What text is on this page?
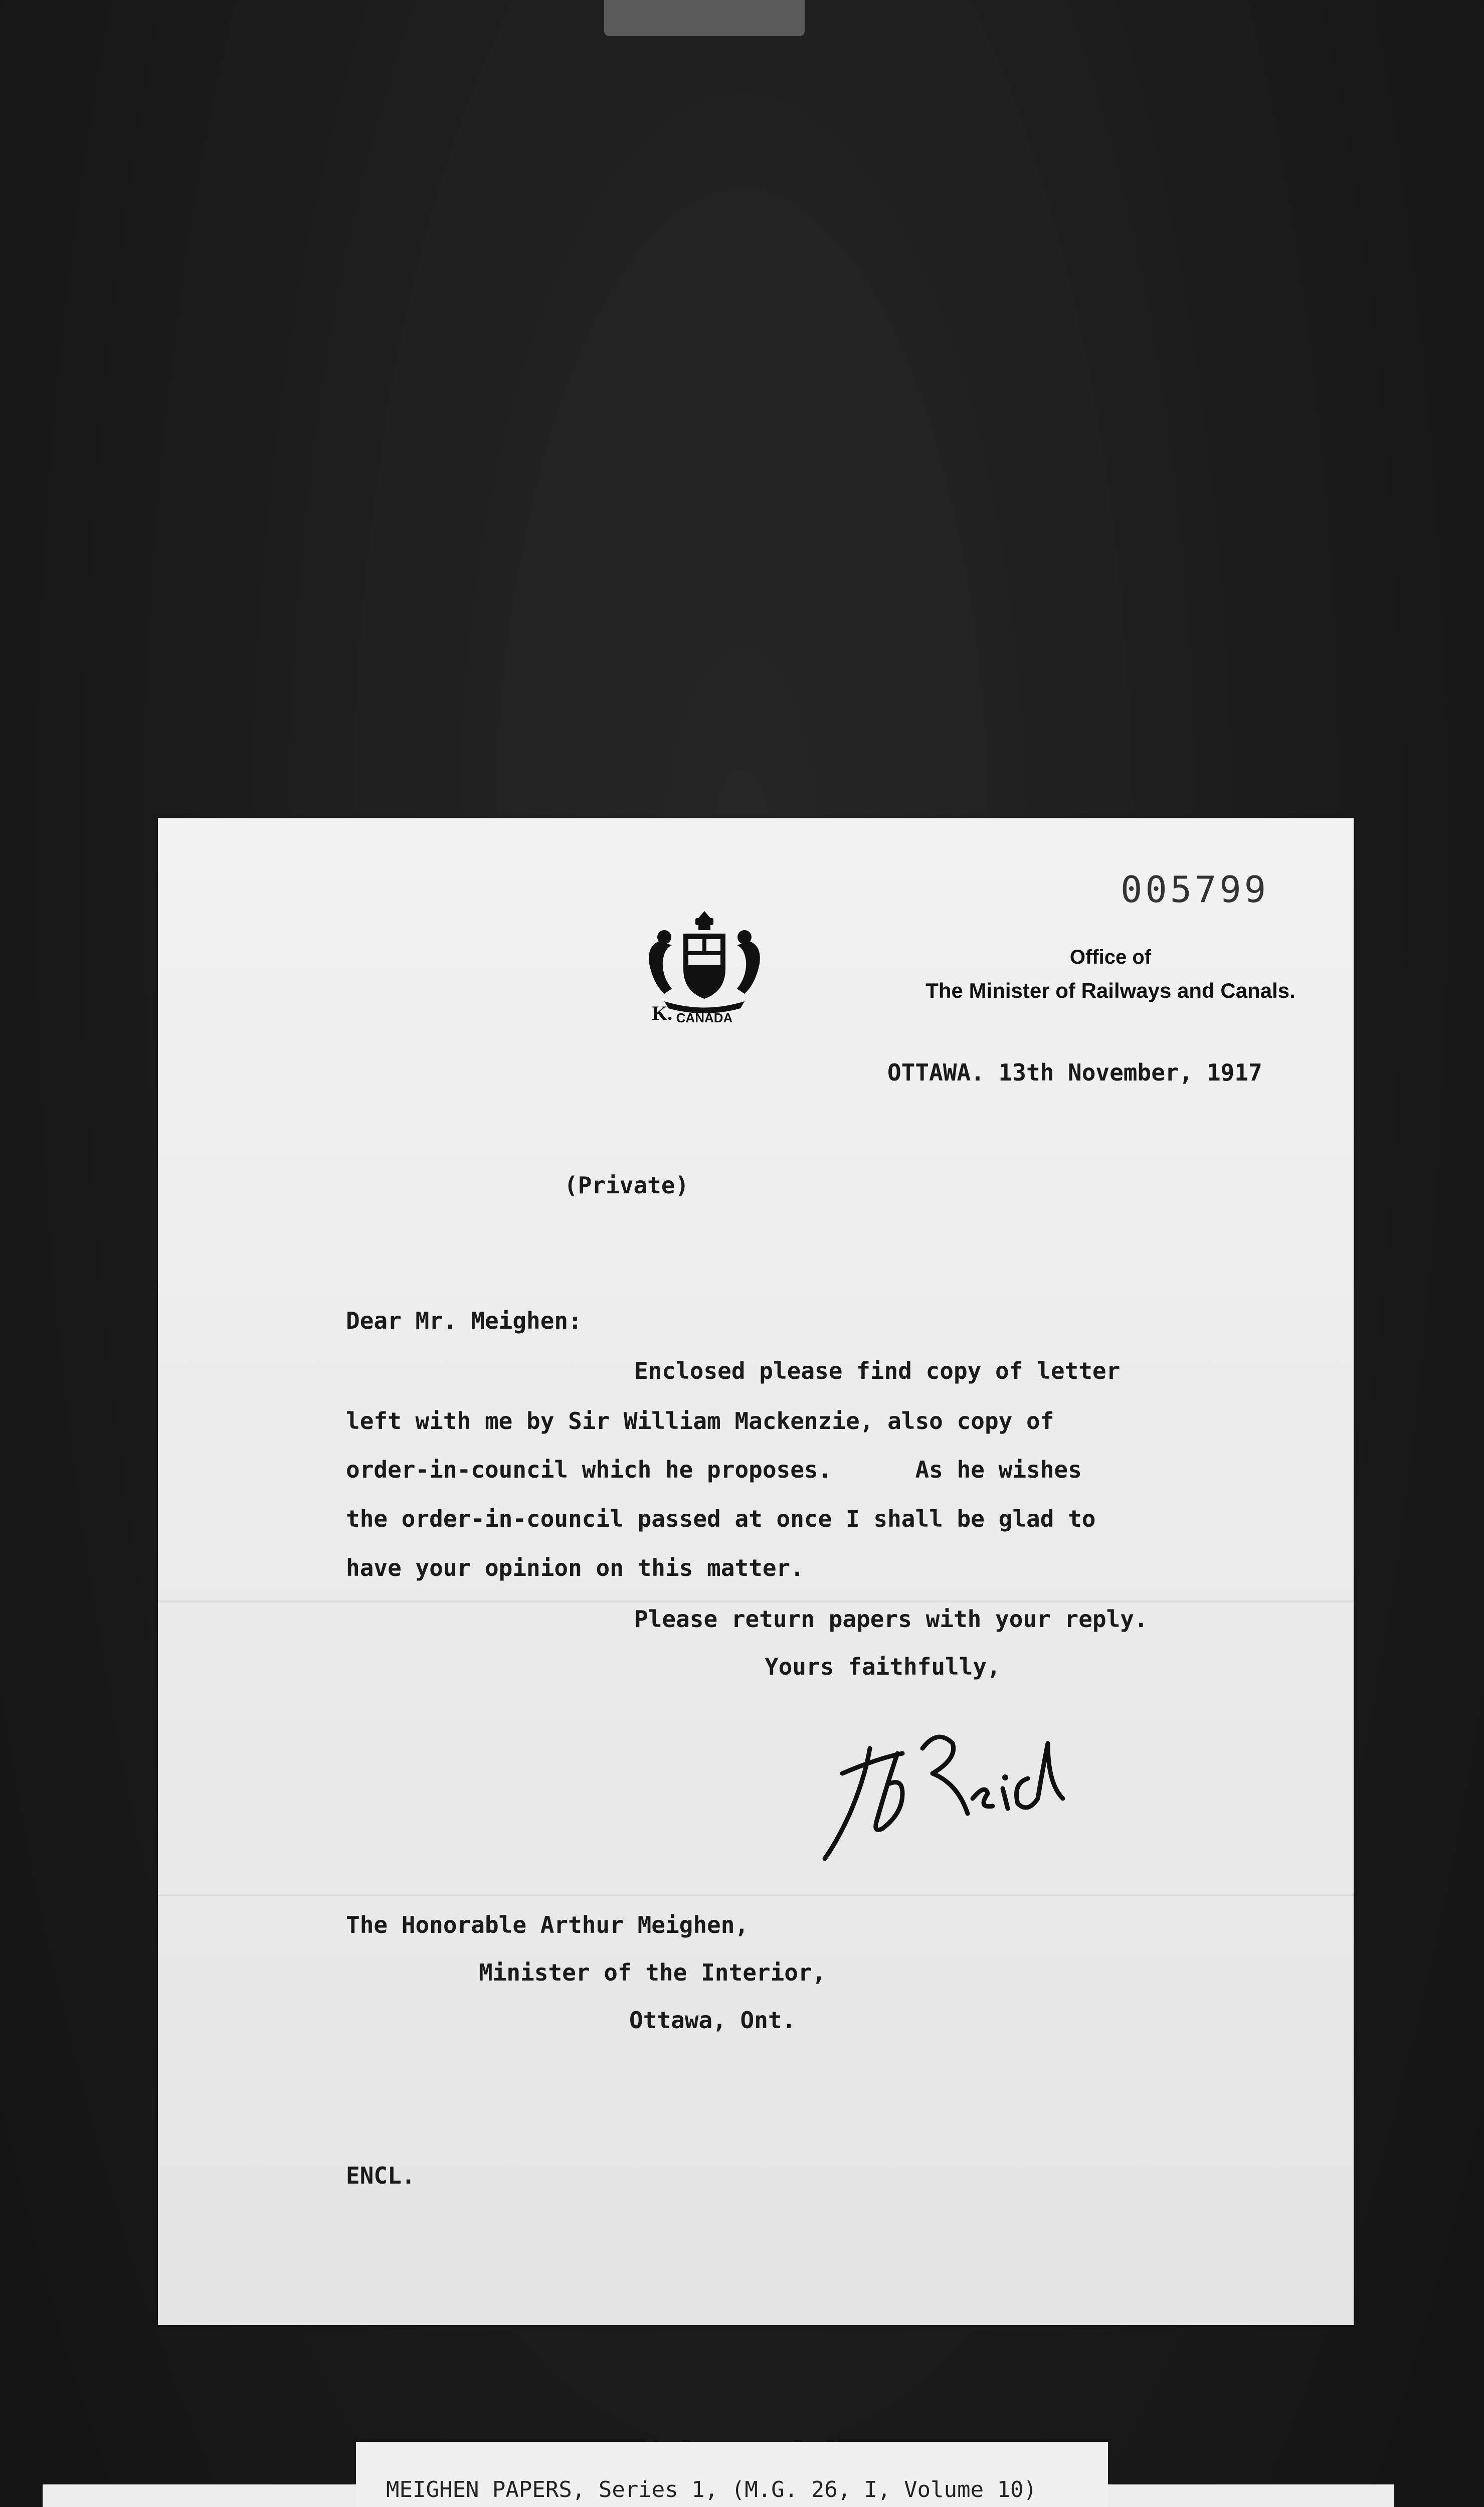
005799
CANADA
K.
Office of
The Minister of Railways and Canals.
OTTAWA. 13th November, 1917
(Private)
Dear Mr. Meighen:
Enclosed please find copy of letter
left with me by Sir William Mackenzie, also copy of
order-in-council which he proposes.      As he wishes
the order-in-council passed at once I shall be glad to
have your opinion on this matter.
Please return papers with your reply.
Yours faithfully,
The Honorable Arthur Meighen,
Minister of the Interior,
Ottawa, Ont.
ENCL.
MEIGHEN PAPERS, Series 1, (M.G. 26, I, Volume 10)
